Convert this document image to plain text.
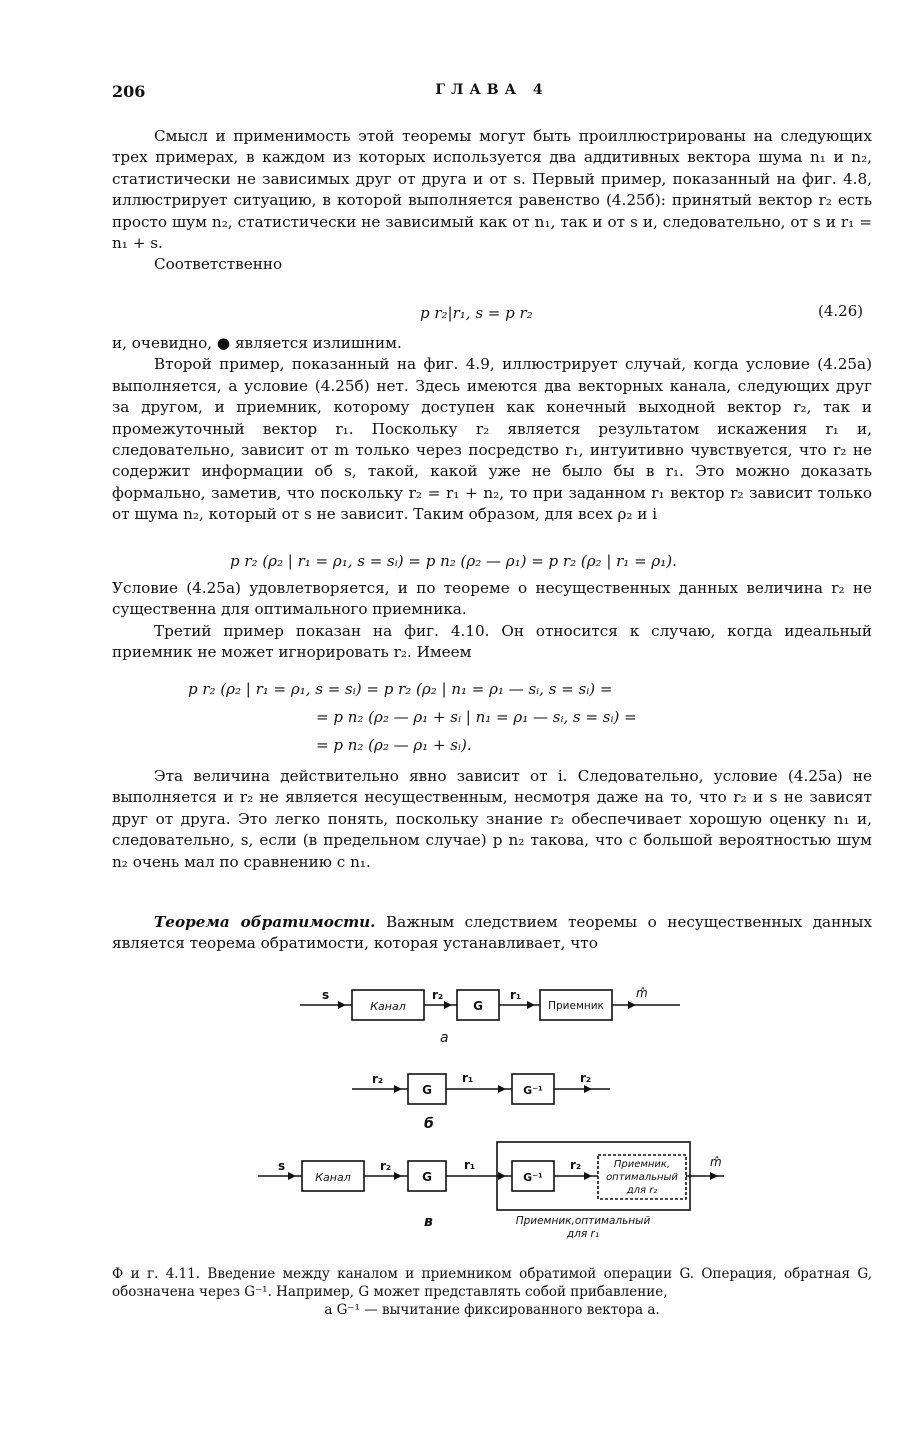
206	ГЛАВА 4

Смысл и применимость этой теоремы могут быть проиллюстрированы на следующих трех примерах, в каждом из которых используется два аддитивных вектора шума n₁ и n₂, статистически не зависимых друг от друга и от s. Первый пример, показанный на фиг. 4.8, иллюстрирует ситуацию, в которой выполняется равенство (4.25б): принятый вектор r₂ есть просто шум n₂, статистически не зависимый как от n₁, так и от s и, следовательно, от s и r₁ = n₁ + s.

Соответственно

p r₂|r₁, s = p r₂	(4.26)

и, очевидно, ● является излишним.

Второй пример, показанный на фиг. 4.9, иллюстрирует случай, когда условие (4.25а) выполняется, а условие (4.25б) нет. Здесь имеются два векторных канала, следующих друг за другом, и приемник, которому доступен как конечный выходной вектор r₂, так и промежуточный вектор r₁. Поскольку r₂ является результатом искажения r₁ и, следовательно, зависит от m только через посредство r₁, интуитивно чувствуется, что r₂ не содержит информации об s, такой, какой уже не было бы в r₁. Это можно доказать формально, заметив, что поскольку r₂ = r₁ + n₂, то при заданном r₁ вектор r₂ зависит только от шума n₂, который от s не зависит. Таким образом, для всех ρ₂ и i

p r₂ (ρ₂ | r₁ = ρ₁, s = sᵢ) = p n₂ (ρ₂ — ρ₁) = p r₂ (ρ₂ | r₁ = ρ₁).

Условие (4.25а) удовлетворяется, и по теореме о несущественных данных величина r₂ не существенна для оптимального приемника.

Третий пример показан на фиг. 4.10. Он относится к случаю, когда идеальный приемник не может игнорировать r₂. Имеем

p r₂ (ρ₂ | r₁ = ρ₁, s = sᵢ) = p r₂ (ρ₂ | n₁ = ρ₁ — sᵢ, s = sᵢ) =
= p n₂ (ρ₂ — ρ₁ + sᵢ | n₁ = ρ₁ — sᵢ, s = sᵢ) =
= p n₂ (ρ₂ — ρ₁ + sᵢ).

Эта величина действительно явно зависит от i. Следовательно, условие (4.25а) не выполняется и r₂ не является несущественным, несмотря даже на то, что r₂ и s не зависят друг от друга. Это легко понять, поскольку знание r₂ обеспечивает хорошую оценку n₁ и, следовательно, s, если (в предельном случае) p n₂ такова, что с большой вероятностью шум n₂ очень мал по сравнению с n₁.

Теорема обратимости. Важным следствием теоремы о несущественных данных является теорема обратимости, которая устанавливает, что

s
Канал
r₂
G
r₁
Приемник
m̂
а
r₂
G
r₁
G⁻¹
r₂
б
s
Канал
r₂
G
r₁
G⁻¹
r₂	Приемник,
оптимальный
для r₂
m̂
Приемник,оптимальный
для r₁
в
Ф и г. 4.11. Введение между каналом и приемником обратимой операции G. Операция, обратная G, обозначена через G⁻¹. Например, G может представлять собой прибавление,
а G⁻¹ — вычитание фиксированного вектора a.
